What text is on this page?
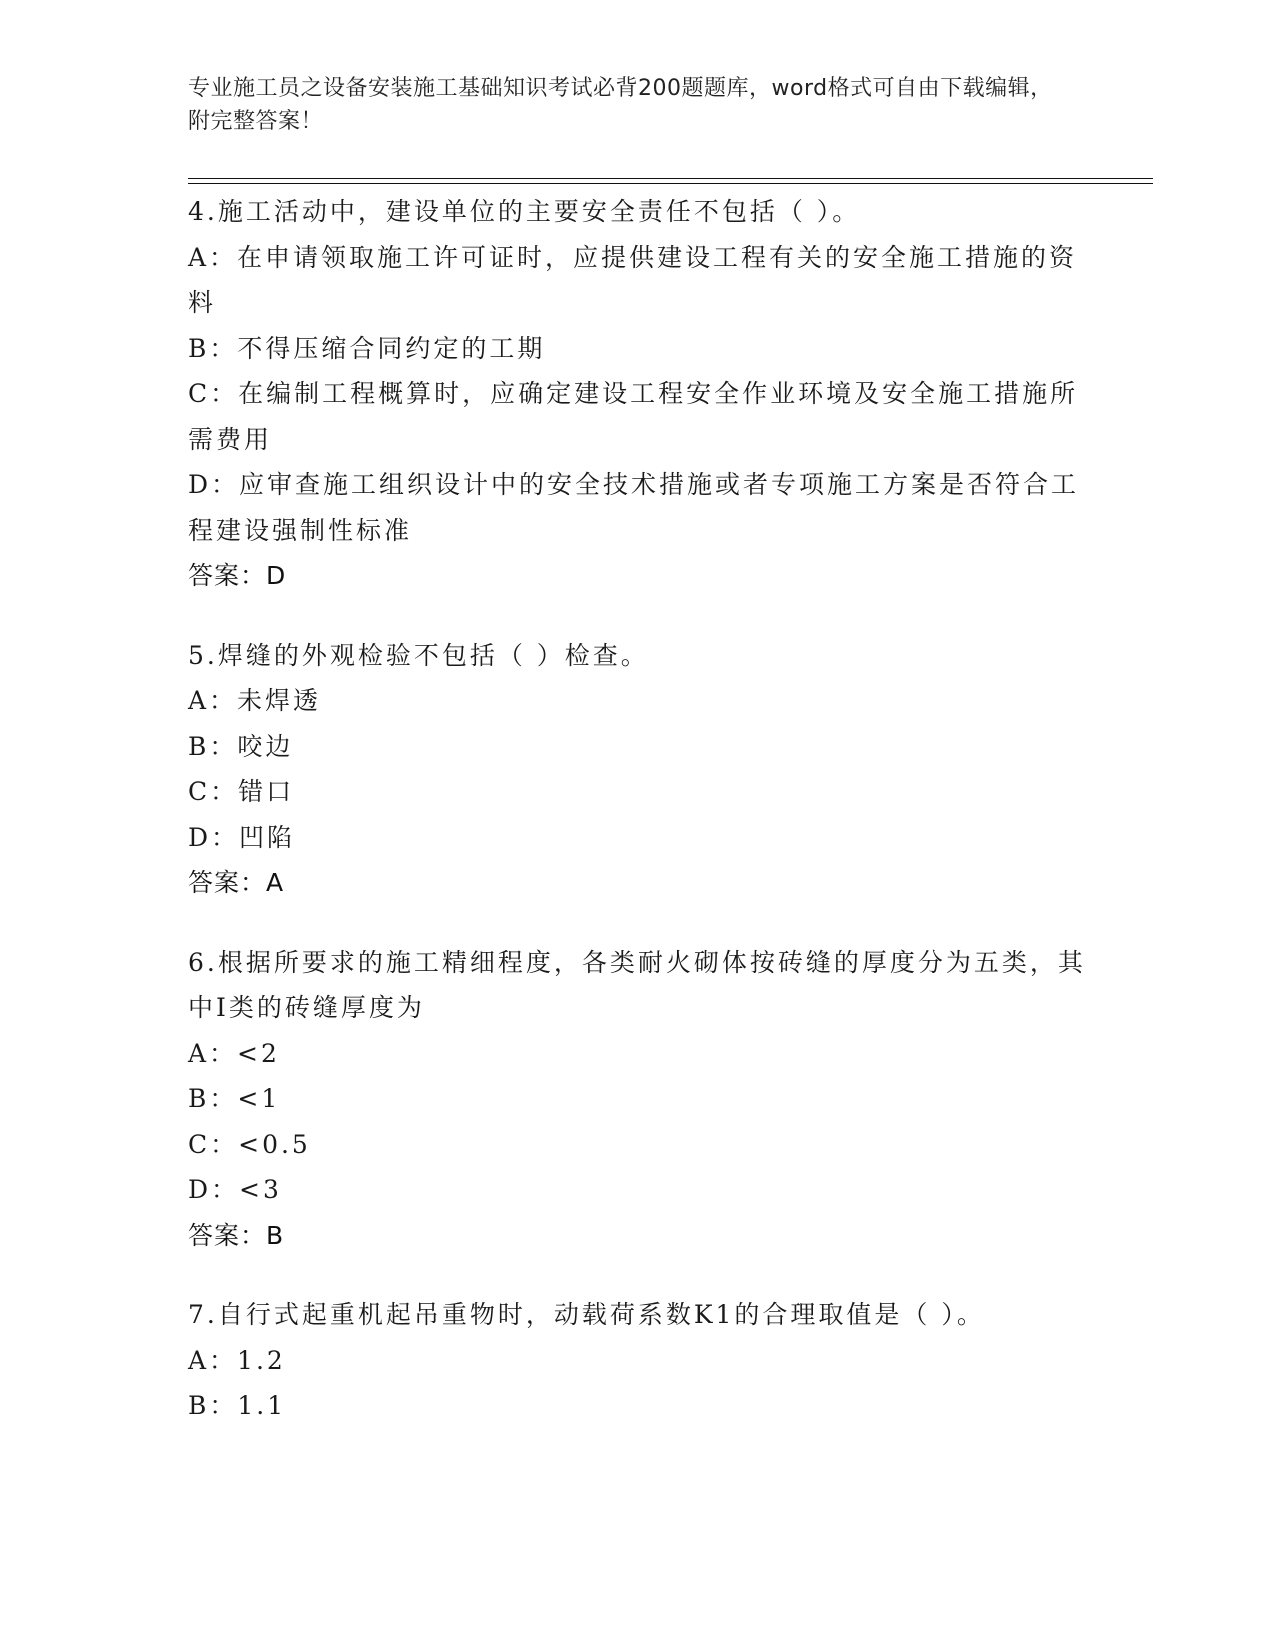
专业施工员之设备安装施工基础知识考试必背200题题库，word格式可自由下载编辑，附完整答案！
4.施工活动中，建设单位的主要安全责任不包括（ ）。
A：在申请领取施工许可证时，应提供建设工程有关的安全施工措施的资料
B：不得压缩合同约定的工期
C：在编制工程概算时，应确定建设工程安全作业环境及安全施工措施所需费用
D：应审查施工组织设计中的安全技术措施或者专项施工方案是否符合工程建设强制性标准
答案：D
5.焊缝的外观检验不包括（ ）检查。
A：未焊透
B：咬边
C：错口
D：凹陷
答案：A
6.根据所要求的施工精细程度，各类耐火砌体按砖缝的厚度分为五类，其中Ⅰ类的砖缝厚度为
A：<2
B：<1
C：<0.5
D：<3
答案：B
7.自行式起重机起吊重物时，动载荷系数K1的合理取值是（ ）。
A：1.2
B：1.1
